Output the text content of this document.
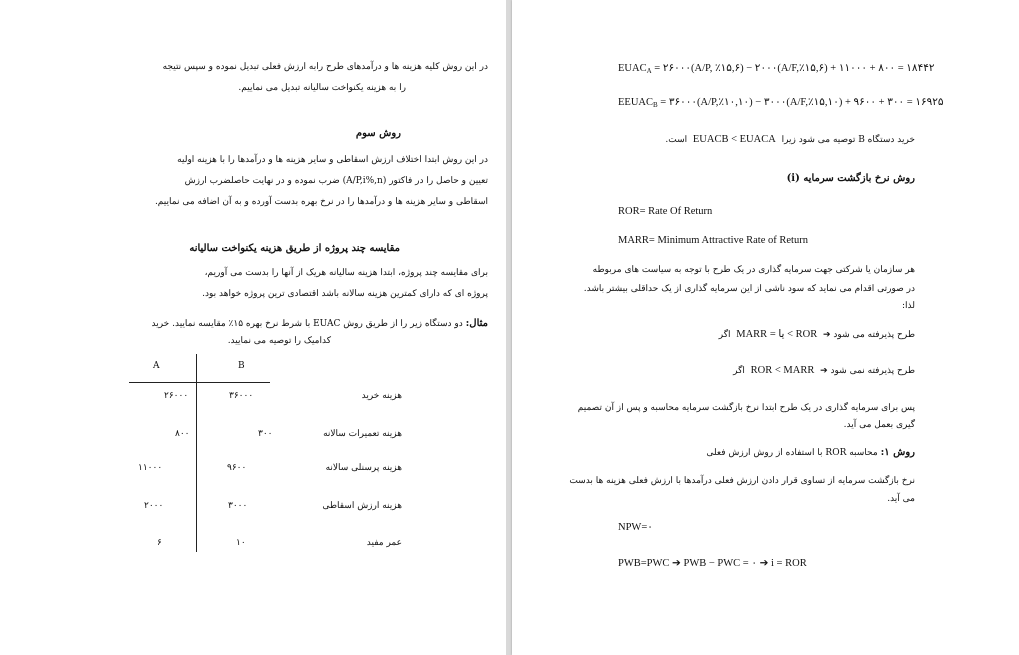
در این روش کلیه هزینه ها و درآمدهای طرح رابه ارزش فعلی تبدیل نموده و سپس نتیجه
را به هزینه یکنواخت سالیانه تبدیل می نماییم.
روش سوم
در این روش ابتدا اختلاف ارزش اسقاطی و سایر هزینه ها و درآمدها را با هزینه اولیه
تعیین و حاصل را در فاکتور (A/P,i%,n) ضرب نموده و در نهایت حاصلضرب ارزش
اسقاطی و سایر هزینه ها و درآمدها را در نرخ بهره بدست آورده و به آن اضافه می نماییم.
مقایسه چند پروژه از طریق هزینه یکنواخت سالیانه
برای مقایسه چند پروژه، ابتدا هزینه سالیانه هریک از آنها را بدست می آوریم،
پروژه ای که دارای کمترین هزینه سالانه باشد اقتصادی ترین پروژه خواهد بود.
مثال: دو دستگاه زیر را از طریق روش EUAC با شرط نرخ بهره ۱۵٪ مقایسه نمایید. خرید
کدامیک را توصیه می نمایید.
A	B
هزینه خرید
۲۶۰۰۰	۳۶۰۰۰
هزینه تعمیرات سالانه
۸۰۰	۳۰۰
هزینه پرسنلی سالانه
۱۱۰۰۰	۹۶۰۰
هزینه ارزش اسقاطی
۲۰۰۰	۳۰۰۰
عمر مفید
۶	۱۰
$EUAC_A$ = ۲۶۰۰۰(A/P, ٪۱۵,۶) − ۲۰۰۰(A/F,٪۱۵,۶) + ۱۱۰۰۰ + ۸۰۰ = ۱۸۴۴۲
$EEUAC_B$ = ۳۶۰۰۰(A/P,٪۱۰,۱۰) − ۳۰۰۰(A/F,٪۱۵,۱۰) + ۹۶۰۰ + ۳۰۰ = ۱۶۹۲۵
خرید دستگاه B توصیه می شود زیرا  EUACB < EUACA  است.
روش نرخ بازگشت سرمایه (i)
ROR= Rate Of Return
MARR= Minimum Attractive Rate of Return
هر سازمان یا شرکتی جهت سرمایه گذاری در یک طرح با توجه به سیاست های مربوطه
در صورتی اقدام می نماید که سود ناشی از این سرمایه گذاری از یک حداقلی بیشتر باشد.
لذا:
طرح پذیرفته می شود ➔  ROR > یا = MARR  اگر
طرح پذیرفته نمی شود ➔  ROR < MARR  اگر
پس برای سرمایه گذاری در یک طرح ابتدا نرخ بازگشت سرمایه محاسبه و پس از آن تصمیم
گیری بعمل می آید.
روش ۱: محاسبه ROR با استفاده از روش ارزش فعلی
نرخ بازگشت سرمایه از تساوی قرار دادن ارزش فعلی درآمدها با ارزش فعلی هزینه ها بدست
می آید.
NPW=۰
PWB=PWC ➔ PWB − PWC = ۰ ➔ i = ROR
